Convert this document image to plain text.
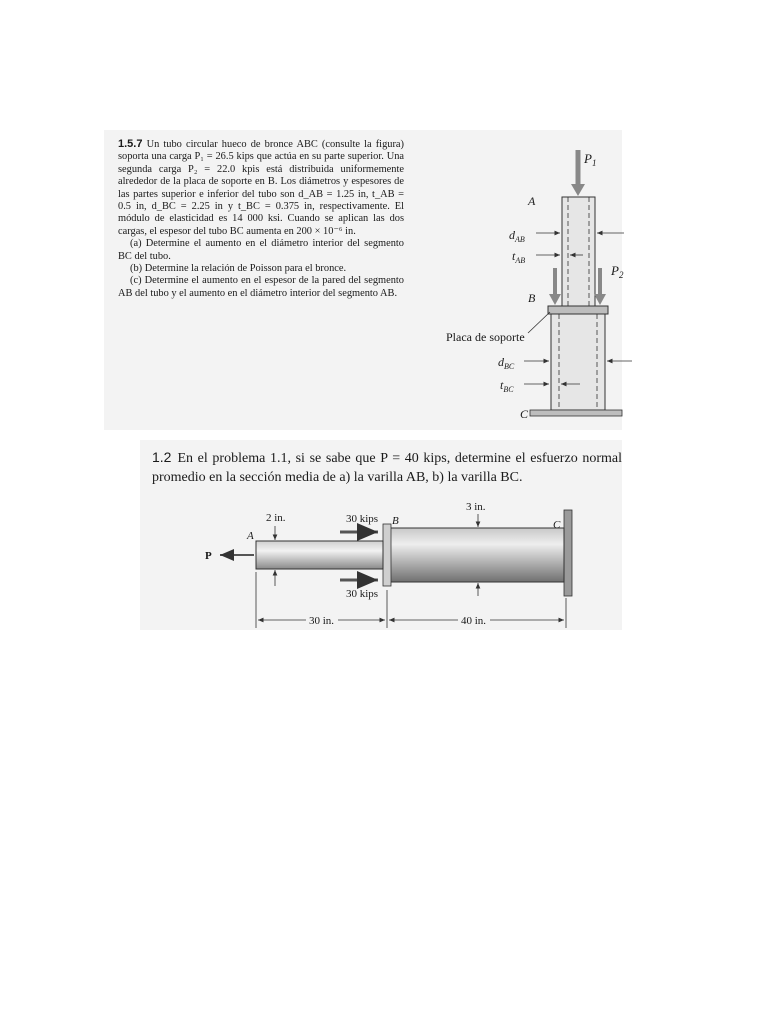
1.5.7 Un tubo circular hueco de bronce ABC (consulte la figura) soporta una carga P₁ = 26.5 kips que actúa en su parte superior. Una segunda carga P₂ = 22.0 kpis está distribuida uniformemente alrededor de la placa de soporte en B. Los diámetros y espesores de las partes superior e inferior del tubo son d_AB = 1.25 in, t_AB = 0.5 in, d_BC = 2.25 in y t_BC = 0.375 in, respectivamente. El módulo de elasticidad es 14 000 ksi. Cuando se aplican las dos cargas, el espesor del tubo BC aumenta en 200 × 10⁻⁶ in.

(a) Determine el aumento en el diámetro interior del segmento BC del tubo.

(b) Determine la relación de Poisson para el bronce.

(c) Determine el aumento en el espesor de la pared del segmento AB del tubo y el aumento en el diámetro interior del segmento AB.

$P_1$
$P_2$
A
B
C
$d_{AB}$
$t_{AB}$
Placa de soporte
$d_{BC}$
$t_{BC}$
1.2 En el problema 1.1, si se sabe que P = 40 kips, determine el esfuerzo normal promedio en la sección media de a) la varilla AB, b) la varilla BC.
P
30 kips
30 kips
A
B	C
2 in.
3 in.
30 in.	40 in.
